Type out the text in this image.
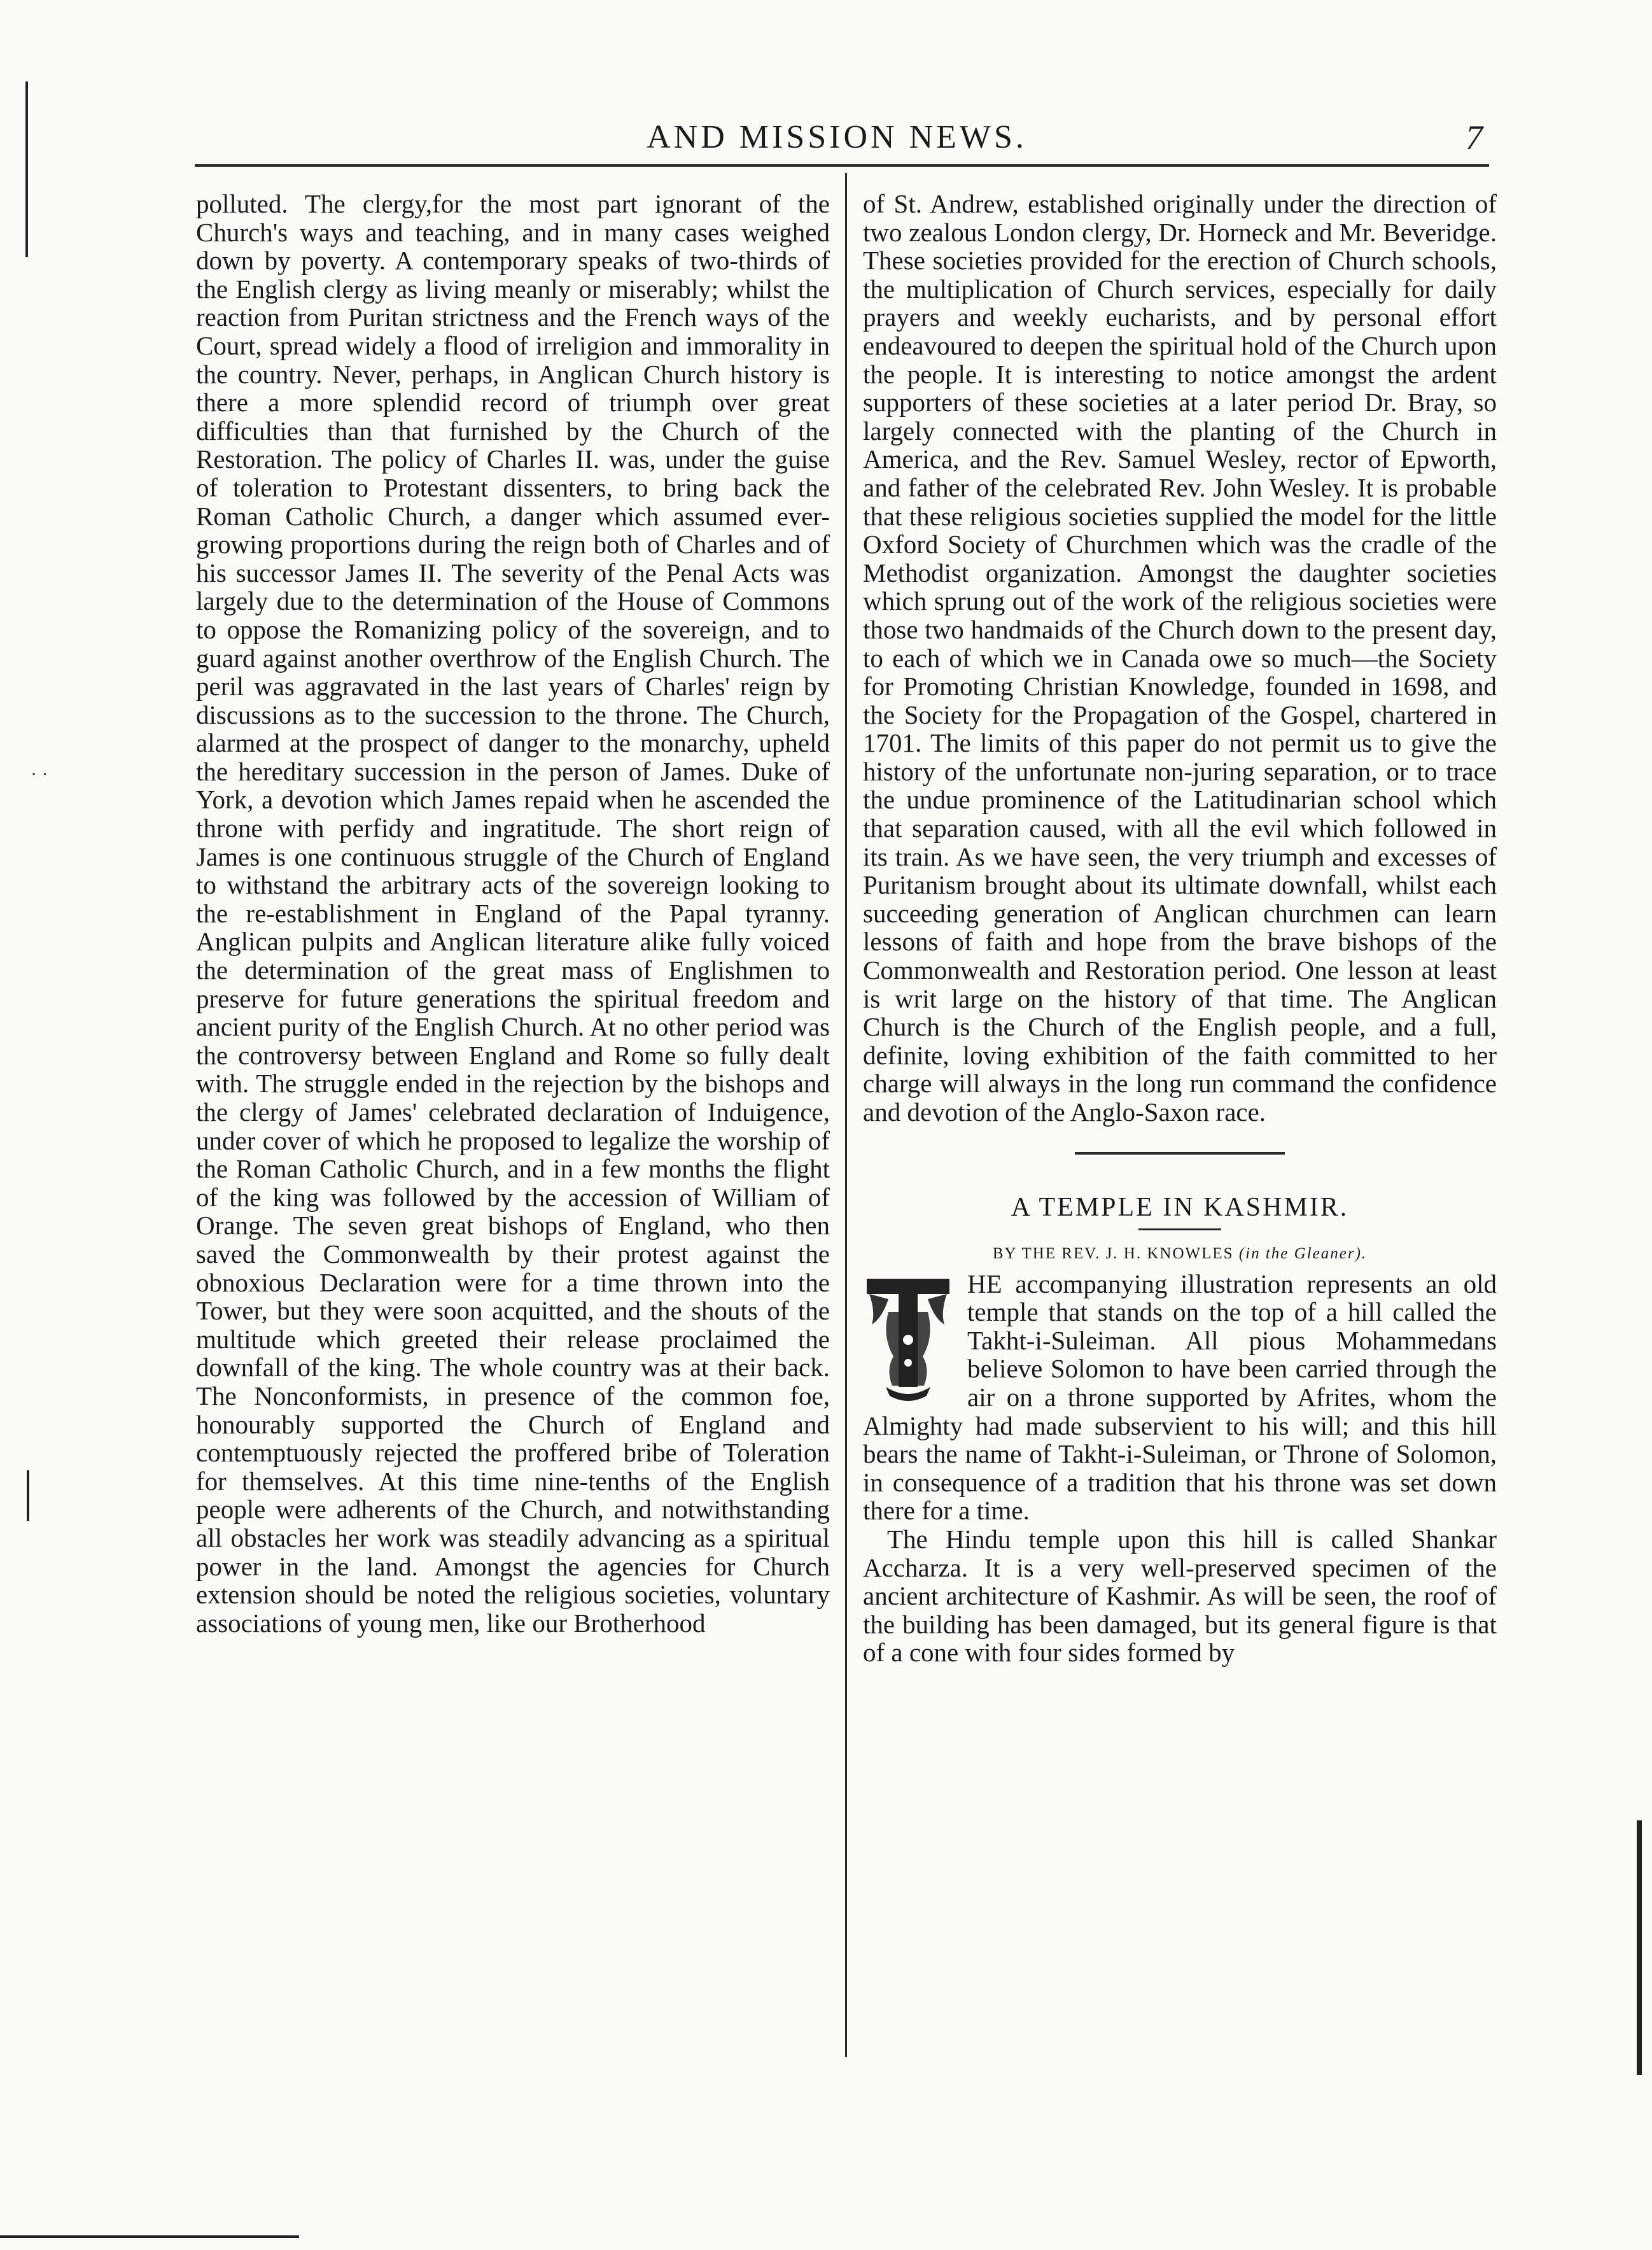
· ·
AND MISSION NEWS.	7

polluted. The clergy,for the most part ignorant of the Church's ways and teaching, and in many cases weighed down by poverty. A contemporary speaks of two-thirds of the English clergy as living meanly or miserably; whilst the reaction from Puritan strictness and the French ways of the Court, spread widely a flood of irreligion and immorality in the country. Never, perhaps, in Anglican Church history is there a more splendid record of triumph over great difficulties than that furnished by the Church of the Restoration. The policy of Charles II. was, under the guise of toleration to Protestant dissenters, to bring back the Roman Catholic Church, a danger which assumed ever-growing proportions during the reign both of Charles and of his successor James II. The severity of the Penal Acts was largely due to the determination of the House of Commons to oppose the Romanizing policy of the sovereign, and to guard against another overthrow of the English Church. The peril was aggravated in the last years of Charles' reign by discussions as to the succession to the throne. The Church, alarmed at the prospect of danger to the monarchy, upheld the hereditary succession in the person of James. Duke of York, a devotion which James repaid when he ascended the throne with perfidy and ingratitude. The short reign of James is one continuous struggle of the Church of England to withstand the arbitrary acts of the sovereign looking to the re-establishment in England of the Papal tyranny. Anglican pulpits and Anglican literature alike fully voiced the determination of the great mass of Englishmen to preserve for future generations the spiritual freedom and ancient purity of the English Church. At no other period was the controversy between England and Rome so fully dealt with. The struggle ended in the rejection by the bishops and the clergy of James' celebrated declaration of Induigence, under cover of which he proposed to legalize the worship of the Roman Catholic Church, and in a few months the flight of the king was followed by the accession of William of Orange. The seven great bishops of England, who then saved the Commonwealth by their protest against the obnoxious Declaration were for a time thrown into the Tower, but they were soon acquitted, and the shouts of the multitude which greeted their release proclaimed the downfall of the king. The whole country was at their back. The Nonconformists, in presence of the common foe, honourably supported the Church of England and contemptuously rejected the proffered bribe of Toleration for themselves. At this time nine-tenths of the English people were adherents of the Church, and notwithstanding all obstacles her work was steadily advancing as a spiritual power in the land. Amongst the agencies for Church extension should be noted the religious societies, voluntary associations of young men, like our Brotherhood

of St. Andrew, established originally under the direction of two zealous London clergy, Dr. Horneck and Mr. Beveridge. These societies provided for the erection of Church schools, the multiplication of Church services, especially for daily prayers and weekly eucharists, and by personal effort endeavoured to deepen the spiritual hold of the Church upon the people. It is interesting to notice amongst the ardent supporters of these societies at a later period Dr. Bray, so largely connected with the planting of the Church in America, and the Rev. Samuel Wesley, rector of Epworth, and father of the celebrated Rev. John Wesley. It is probable that these religious societies supplied the model for the little Oxford Society of Churchmen which was the cradle of the Methodist organization. Amongst the daughter societies which sprung out of the work of the religious societies were those two handmaids of the Church down to the present day, to each of which we in Canada owe so much—the Society for Promoting Christian Knowledge, founded in 1698, and the Society for the Propagation of the Gospel, chartered in 1701. The limits of this paper do not permit us to give the history of the unfortunate non-juring separation, or to trace the undue prominence of the Latitudinarian school which that separation caused, with all the evil which followed in its train. As we have seen, the very triumph and excesses of Puritanism brought about its ultimate downfall, whilst each succeeding generation of Anglican churchmen can learn lessons of faith and hope from the brave bishops of the Commonwealth and Restoration period. One lesson at least is writ large on the history of that time. The Anglican Church is the Church of the English people, and a full, definite, loving exhibition of the faith committed to her charge will always in the long run command the confidence and devotion of the Anglo-Saxon race.

A TEMPLE IN KASHMIR.
BY THE REV. J. H. KNOWLES (in the Gleaner).

HE accompanying illustration represents an old temple that stands on the top of a hill called the Takht-i-Suleiman. All pious Mohammedans believe Solomon to have been carried through the air on a throne supported by Afrites, whom the Almighty had made subservient to his will; and this hill bears the name of Takht-i-Suleiman, or Throne of Solomon, in consequence of a tradition that his throne was set down there for a time.

The Hindu temple upon this hill is called Shankar Accharza. It is a very well-preserved specimen of the ancient architecture of Kashmir. As will be seen, the roof of the building has been damaged, but its general figure is that of a cone with four sides formed by
